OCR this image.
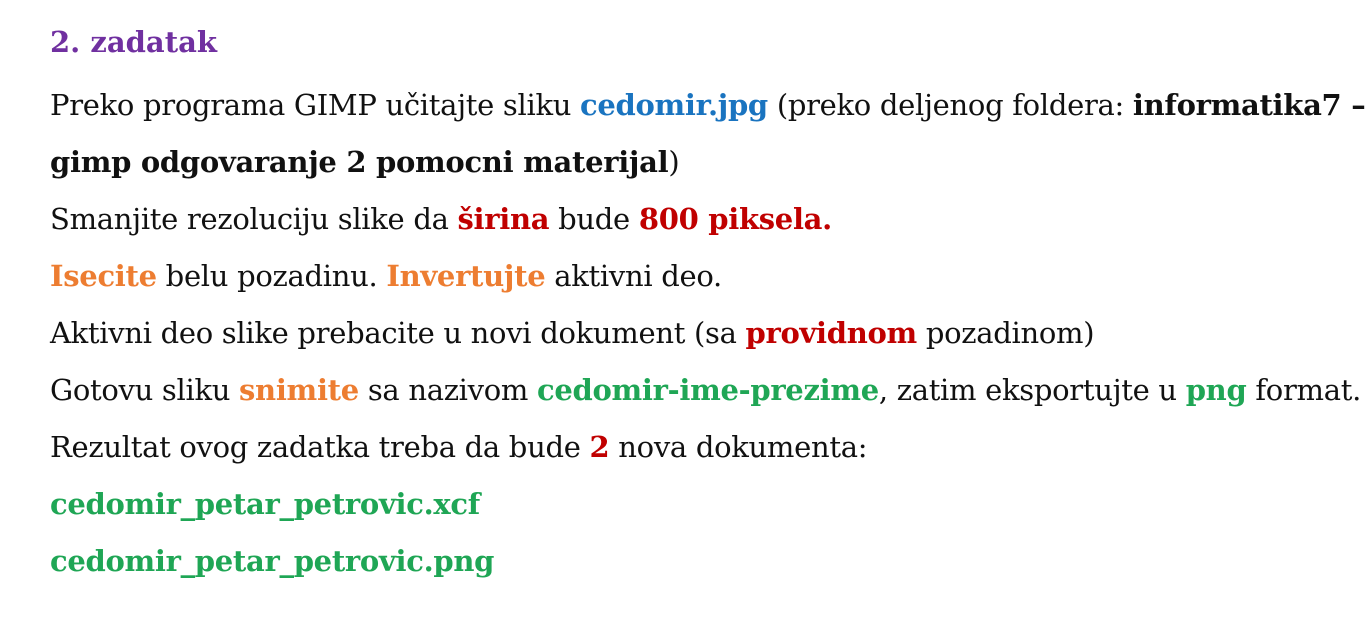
2. zadatak
Preko programa GIMP učitajte sliku cedomir.jpg (preko deljenog foldera: informatika7 –
gimp odgovaranje 2 pomocni materijal)
Smanjite rezoluciju slike da širina bude 800 piksela.
Isecite belu pozadinu. Invertujte aktivni deo.
Aktivni deo slike prebacite u novi dokument (sa providnom pozadinom)
Gotovu sliku snimite sa nazivom cedomir-ime-prezime, zatim eksportujte u png format.
Rezultat ovog zadatka treba da bude 2 nova dokumenta:
cedomir_petar_petrovic.xcf
cedomir_petar_petrovic.png
